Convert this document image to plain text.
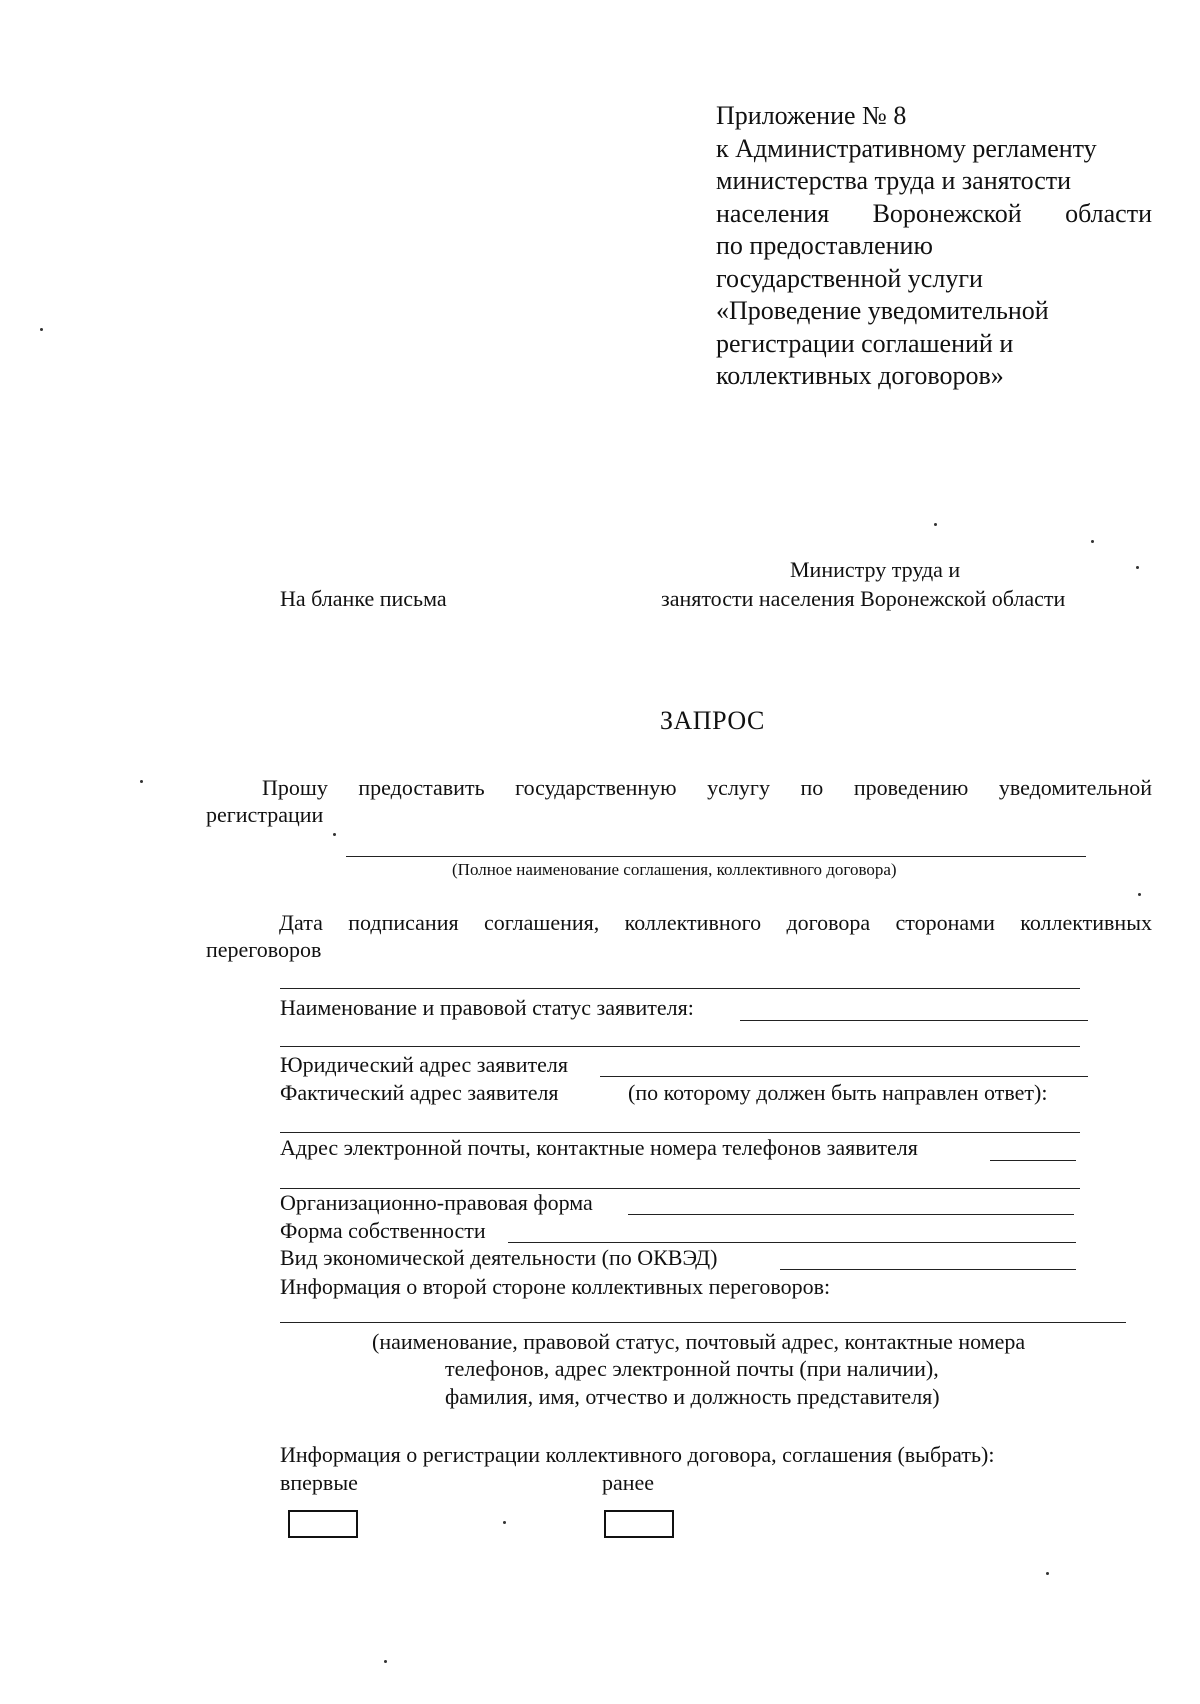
Приложение № 8
к Административному регламенту
министерства труда и занятости
населения Воронежской области
по предоставлению
государственной услуги
«Проведение уведомительной
регистрации соглашений и
коллективных договоров»
На бланке письма
Министру труда и
занятости населения Воронежской области
ЗАПРОС
Прошу предоставить государственную услугу по проведению уведомительной
регистрации
(Полное наименование соглашения, коллективного договора)
Дата подписания соглашения, коллективного договора сторонами коллективных
переговоров
Наименование и правовой статус заявителя:
Юридический адрес заявителя
Фактический адрес заявителя	(по которому должен быть направлен ответ):
Адрес электронной почты, контактные номера телефонов заявителя
Организационно-правовая форма
Форма собственности
Вид экономической деятельности (по ОКВЭД)
Информация о второй стороне коллективных переговоров:
(наименование, правовой статус, почтовый адрес, контактные номера
телефонов, адрес электронной почты (при наличии),
фамилия, имя, отчество и должность представителя)
Информация о регистрации коллективного договора, соглашения (выбрать):
впервые	ранее
